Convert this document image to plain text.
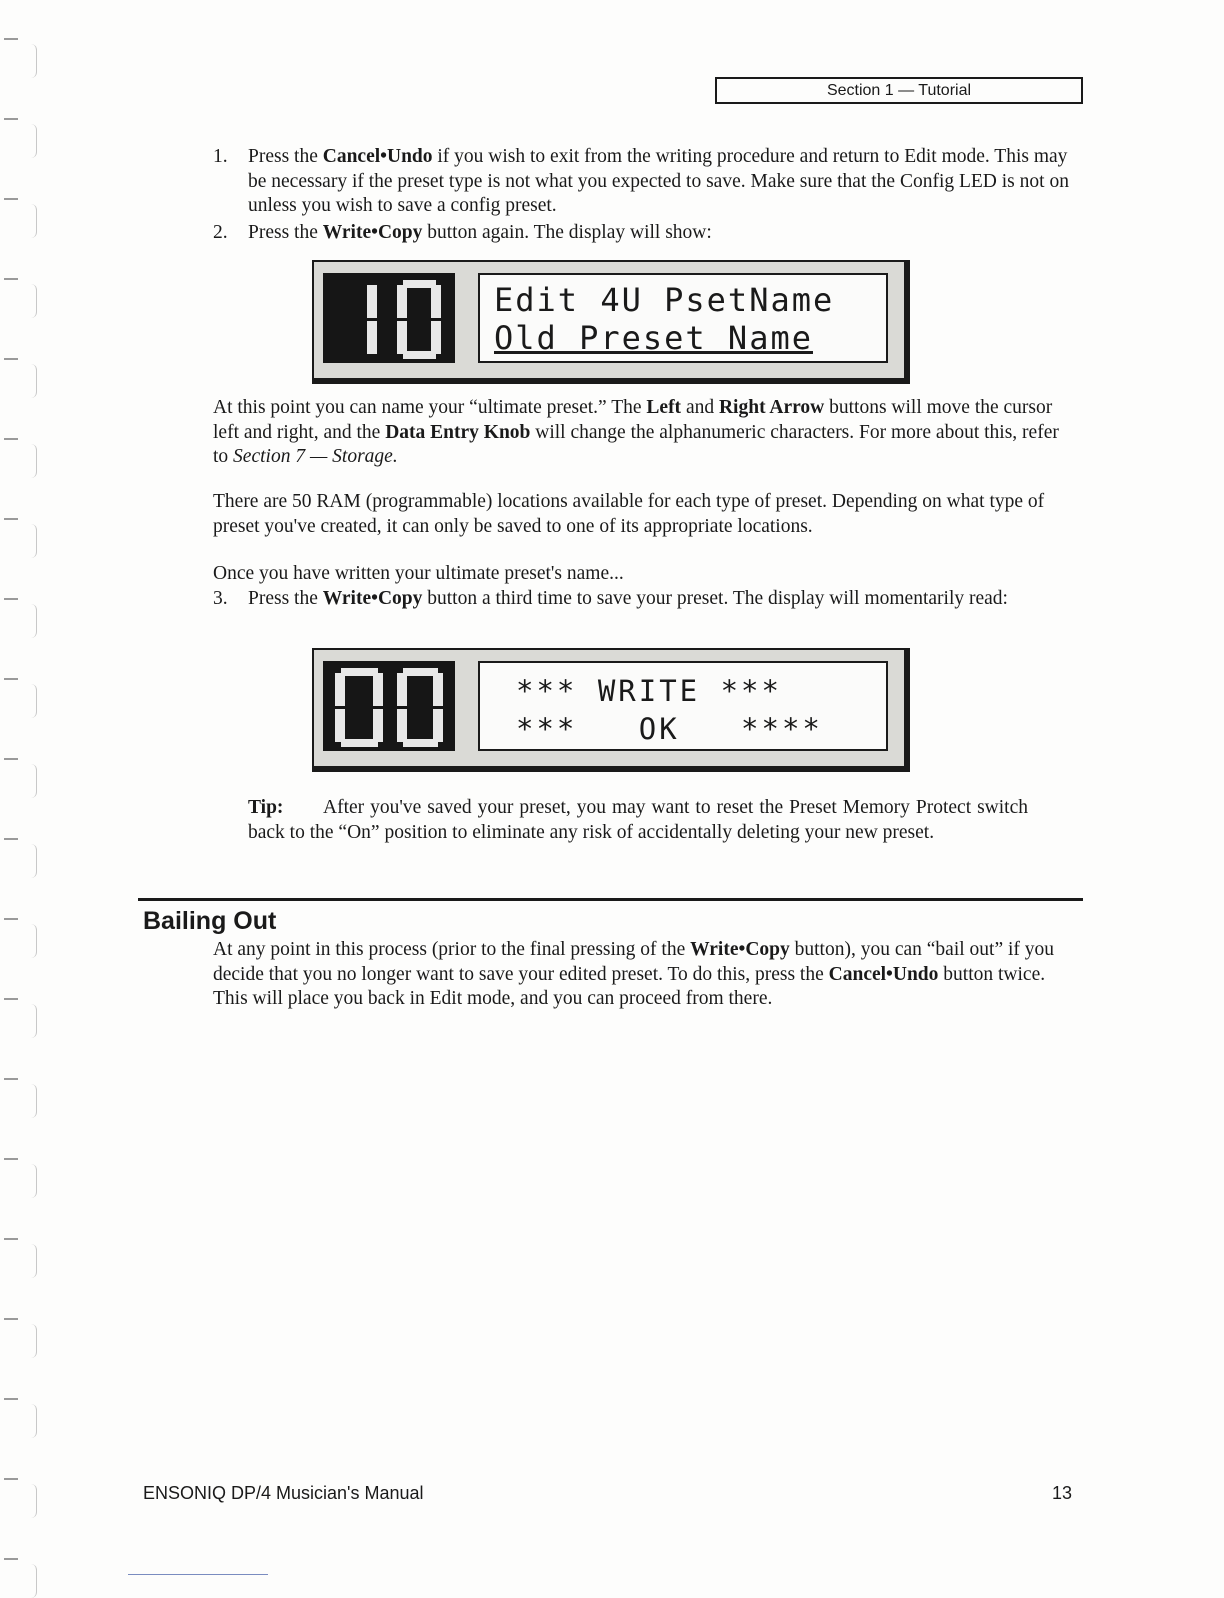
Section 1 — Tutorial
1. Press the Cancel•Undo if you wish to exit from the writing procedure and return to Edit mode. This may be necessary if the preset type is not what you expected to save. Make sure that the Config LED is not on unless you wish to save a config preset.
2. Press the Write•Copy button again. The display will show:
Edit 4U PsetName
Old Preset Name
At this point you can name your “ultimate preset.” The Left and Right Arrow buttons will move the cursor left and right, and the Data Entry Knob will change the alphanumeric characters. For more about this, refer to Section 7 — Storage.
There are 50 RAM (programmable) locations available for each type of preset. Depending on what type of preset you've created, it can only be saved to one of its appropriate locations.
Once you have written your ultimate preset's name...
3. Press the Write•Copy button a third time to save your preset. The display will momentarily read:
*** WRITE ***
***   OK   ****
Tip:	After you've saved your preset, you may want to reset the Preset Memory Protect switch back to the “On” position to eliminate any risk of accidentally deleting your new preset.
Bailing Out
At any point in this process (prior to the final pressing of the Write•Copy button), you can “bail out” if you decide that you no longer want to save your edited preset. To do this, press the Cancel•Undo button twice. This will place you back in Edit mode, and you can proceed from there.
ENSONIQ DP/4 Musician's Manual	13
